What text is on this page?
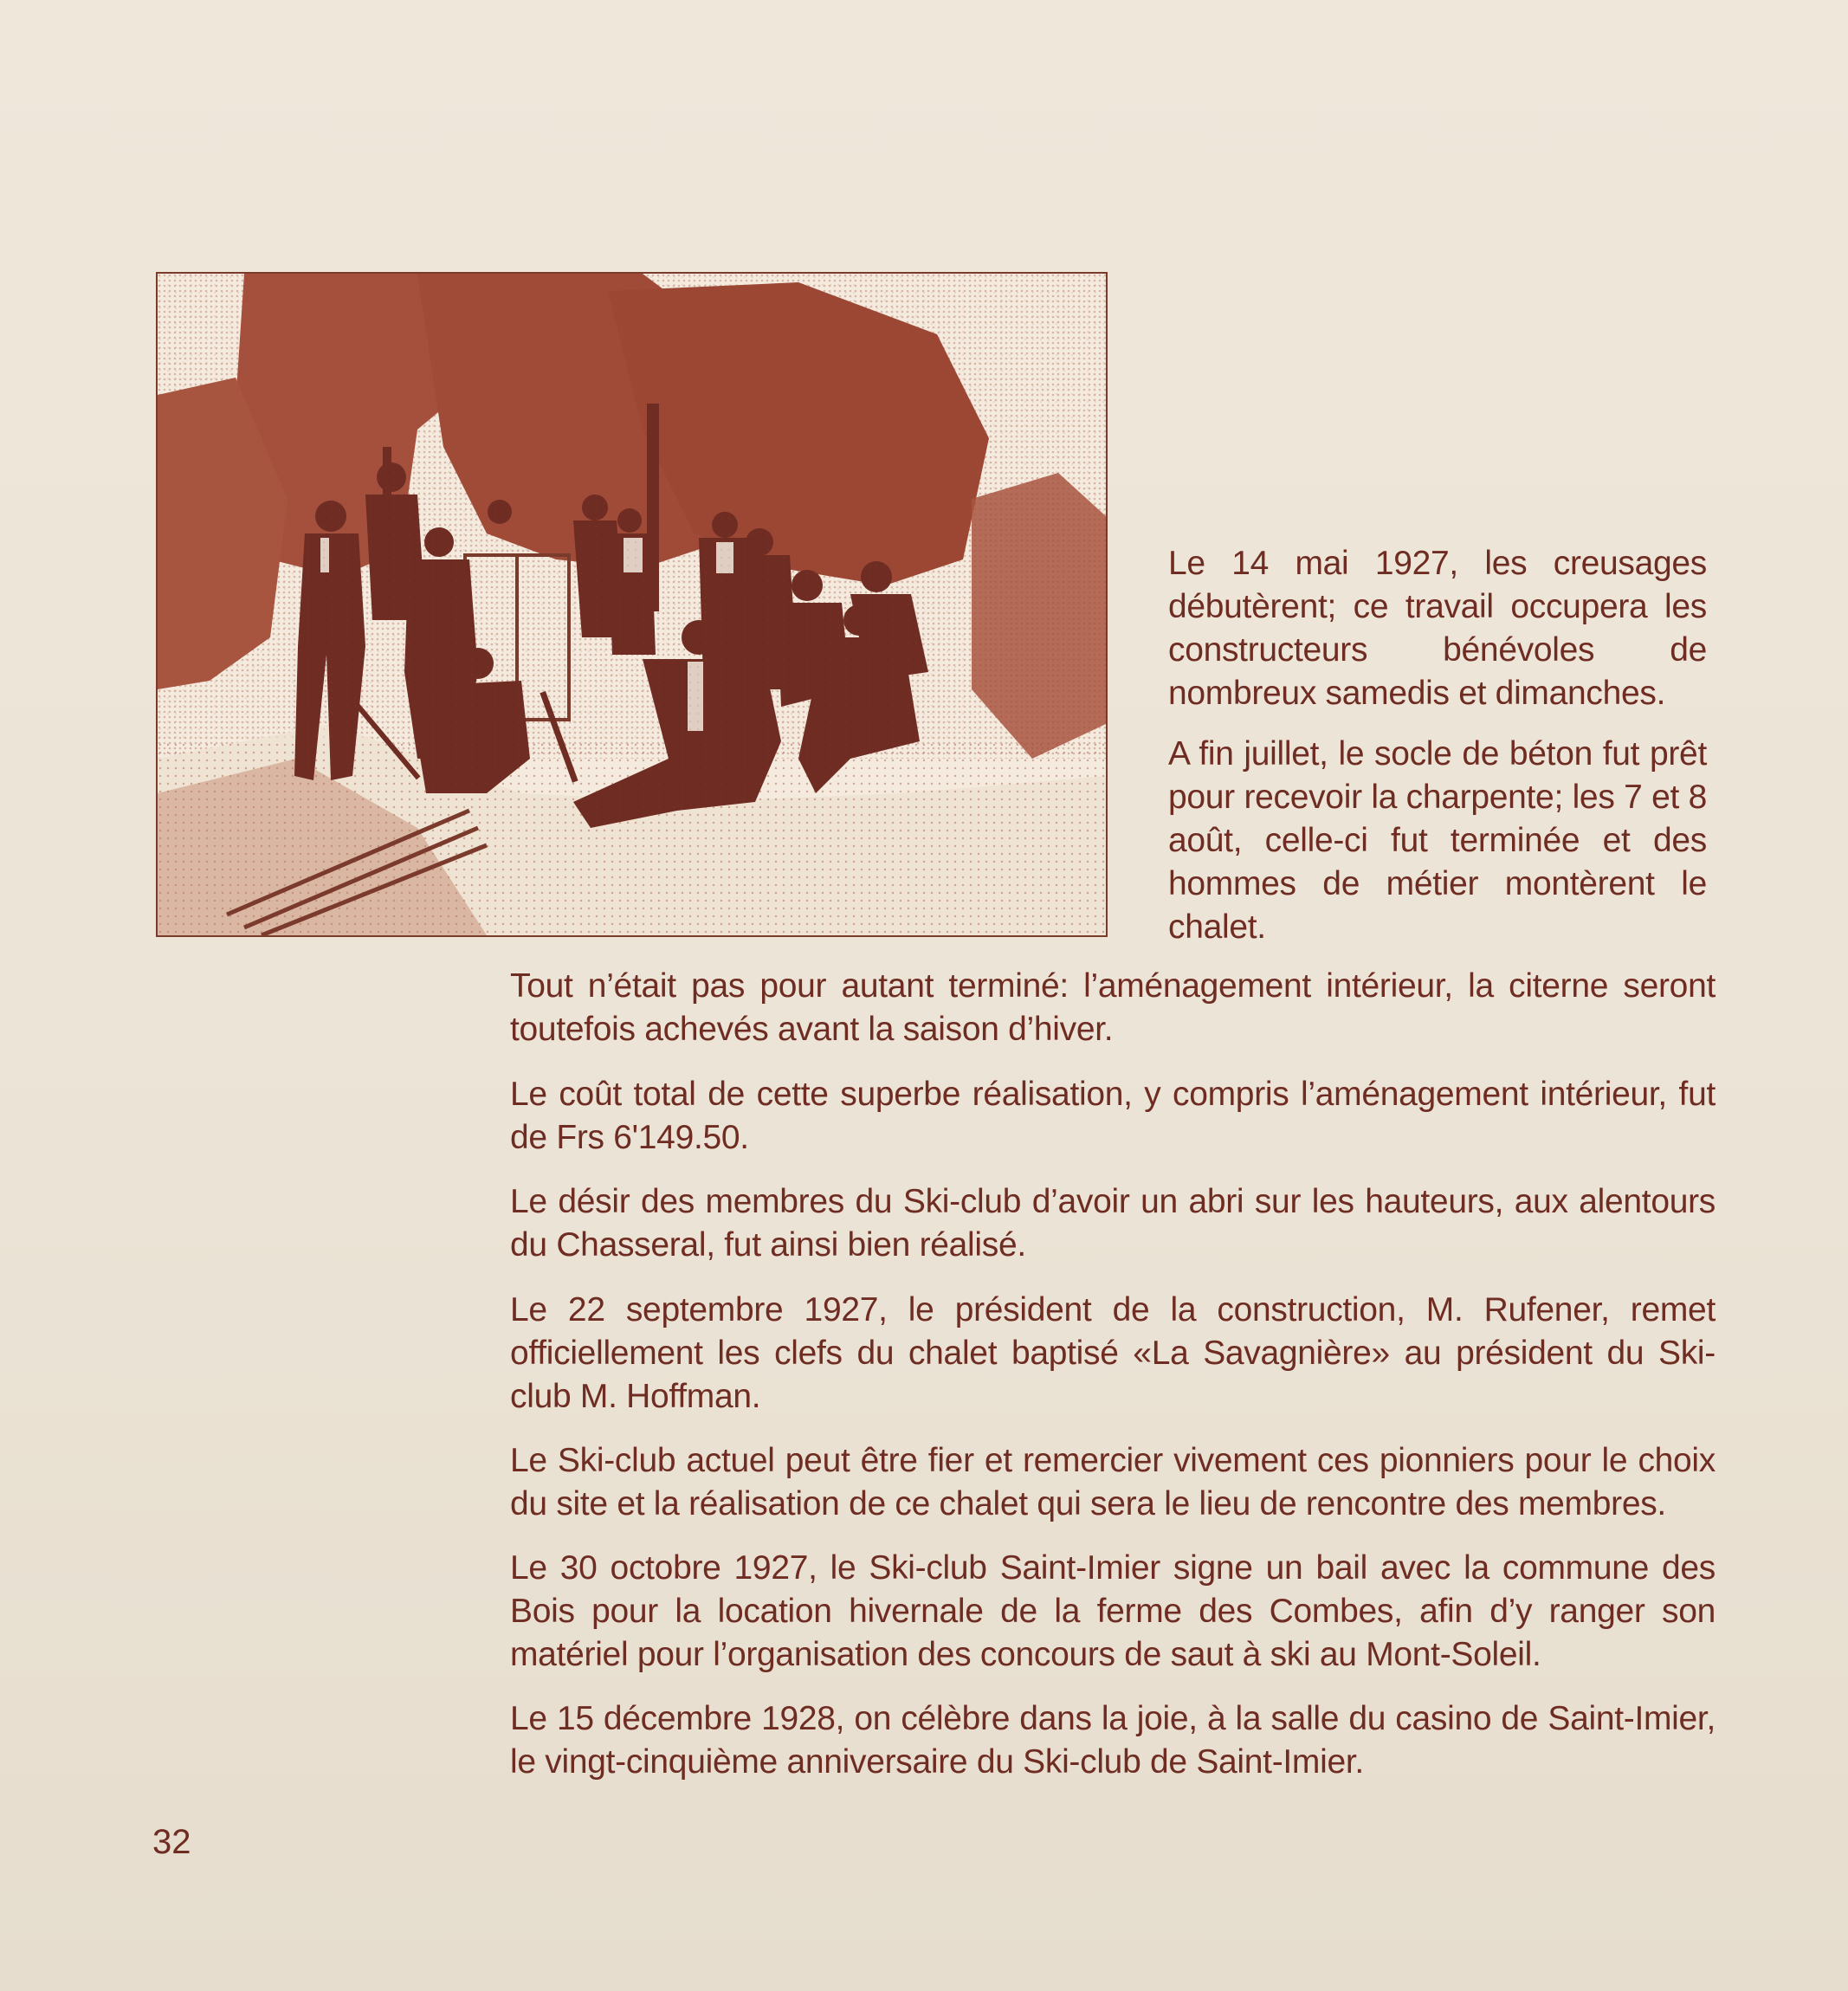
Le 14 mai 1927, les creusages débutèrent; ce travail occupera les constructeurs bénévoles de nombreux samedis et dimanches.

A fin juillet, le socle de béton fut prêt pour recevoir la charpente; les 7 et 8 août, celle-ci fut terminée et des hommes de métier montèrent le chalet.

Tout n’était pas pour autant terminé: l’aménagement intérieur, la citerne seront toutefois achevés avant la saison d’hiver.

Le coût total de cette superbe réalisation, y compris l’aménagement intérieur, fut de Frs 6'149.50.

Le désir des membres du Ski-club d’avoir un abri sur les hauteurs, aux alentours du Chasseral, fut ainsi bien réalisé.

Le 22 septembre 1927, le président de la construction, M. Rufener, remet officiellement les clefs du chalet baptisé «La Savagnière» au président du Ski-club M. Hoffman.

Le Ski-club actuel peut être fier et remercier vivement ces pionniers pour le choix du site et la réalisation de ce chalet qui sera le lieu de rencontre des membres.

Le 30 octobre 1927, le Ski-club Saint-Imier signe un bail avec la commune des Bois pour la location hivernale de la ferme des Combes, afin d’y ranger son matériel pour l’organisation des concours de saut à ski au Mont-Soleil.

Le 15 décembre 1928, on célèbre dans la joie, à la salle du casino de Saint-Imier, le vingt-cinquième anniversaire du Ski-club de Saint-Imier.

32
